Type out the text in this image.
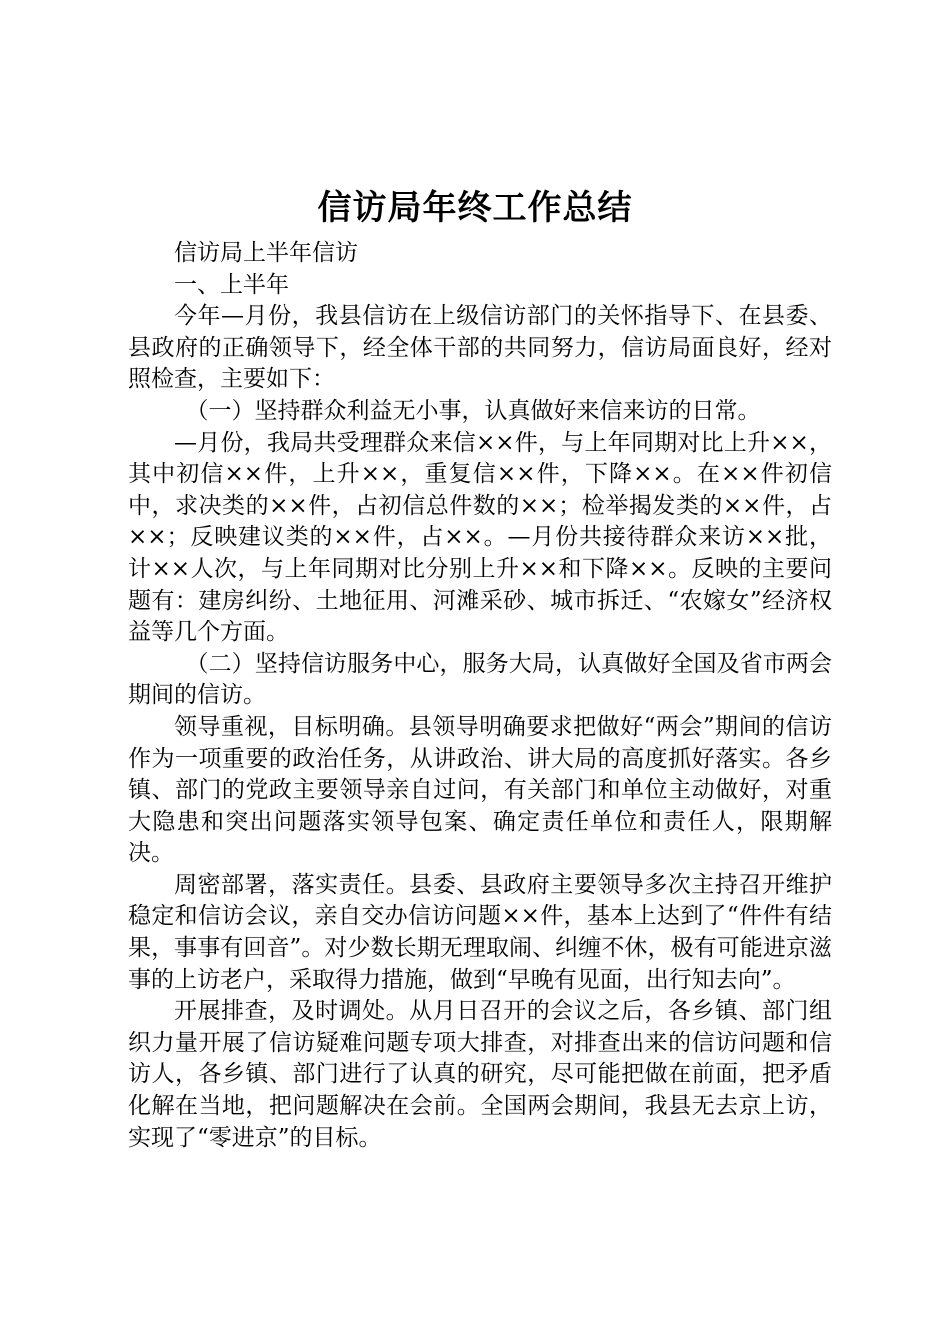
信访局年终工作总结

信访局上半年信访

一、上半年

今年—月份，我县信访在上级信访部门的关怀指导下、在县委、县政府的正确领导下，经全体干部的共同努力，信访局面良好，经对照检查，主要如下：

（一）坚持群众利益无小事，认真做好来信来访的日常。

—月份，我局共受理群众来信××件，与上年同期对比上升××，其中初信××件，上升××，重复信××件，下降××。在××件初信中，求决类的××件，占初信总件数的××；检举揭发类的××件，占××；反映建议类的××件，占××。—月份共接待群众来访××批，计××人次，与上年同期对比分别上升××和下降××。反映的主要问题有：建房纠纷、土地征用、河滩采砂、城市拆迁、“农嫁女”经济权益等几个方面。

（二）坚持信访服务中心，服务大局，认真做好全国及省市两会期间的信访。

领导重视，目标明确。县领导明确要求把做好“两会”期间的信访作为一项重要的政治任务，从讲政治、讲大局的高度抓好落实。各乡镇、部门的党政主要领导亲自过问，有关部门和单位主动做好，对重大隐患和突出问题落实领导包案、确定责任单位和责任人，限期解决。

周密部署，落实责任。县委、县政府主要领导多次主持召开维护稳定和信访会议，亲自交办信访问题××件，基本上达到了“件件有结果，事事有回音”。对少数长期无理取闹、纠缠不休，极有可能进京滋事的上访老户，采取得力措施，做到“早晚有见面，出行知去向”。

开展排查，及时调处。从月日召开的会议之后，各乡镇、部门组织力量开展了信访疑难问题专项大排查，对排查出来的信访问题和信访人，各乡镇、部门进行了认真的研究，尽可能把做在前面，把矛盾化解在当地，把问题解决在会前。全国两会期间，我县无去京上访，实现了“零进京”的目标。
